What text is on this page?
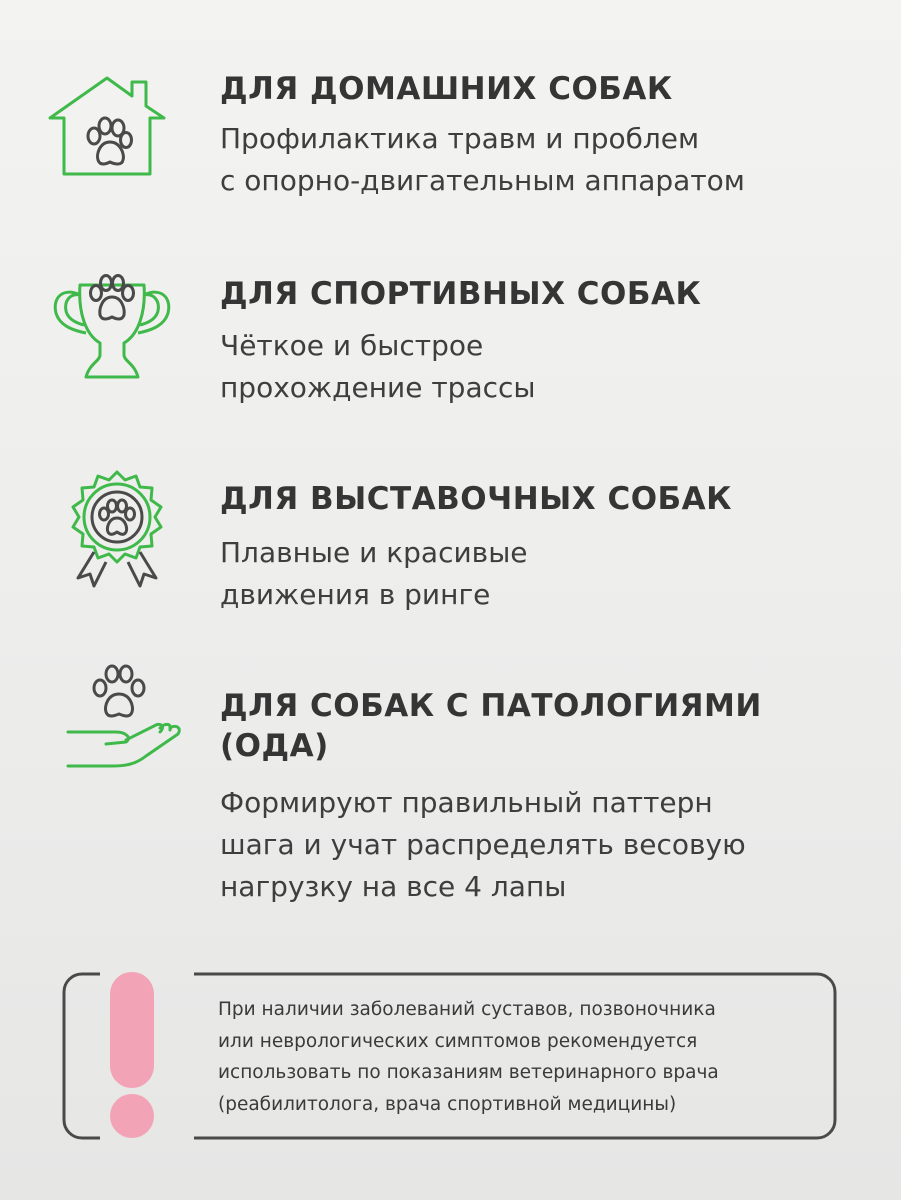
ДЛЯ ДОМАШНИХ СОБАК
Профилактика травм и проблем
с опорно-двигательным аппаратом
ДЛЯ СПОРТИВНЫХ СОБАК
Чёткое и быстрое
прохождение трассы
ДЛЯ ВЫСТАВОЧНЫХ СОБАК
Плавные и красивые
движения в ринге
ДЛЯ СОБАК С ПАТОЛОГИЯМИ
(ОДА)
Формируют правильный паттерн
шага и учат распределять весовую
нагрузку на все 4 лапы
При наличии заболеваний суставов, позвоночника
или неврологических симптомов рекомендуется
использовать по показаниям ветеринарного врача
(реабилитолога, врача спортивной медицины)
